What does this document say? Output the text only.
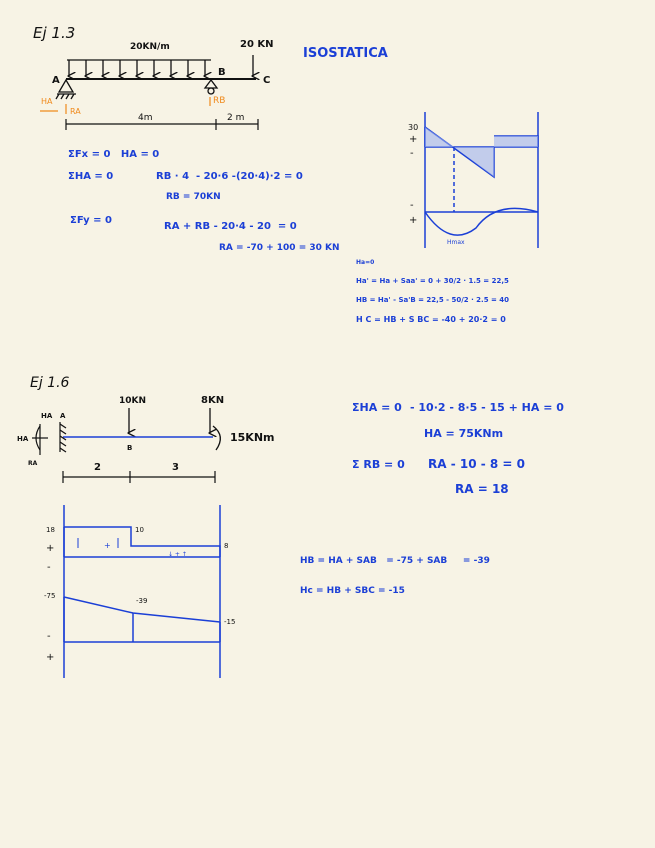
Ej 1.3
20KN/m	20 KN
A
B
C
HA
RA
RB
4m	2 m
ISOSTATICA
ΣFx = 0   HA = 0
ΣHA = 0	RB · 4  - 20·6 -(20·4)·2 = 0
RB = 70KN
ΣFy = 0
RA + RB - 20·4 - 20  = 0
RA = -70 + 100 = 30 KN
30
+
-
-
+
Hmax
Ha=0
Ha' = Ha + Saa' = 0 + 30/2 · 1.5 = 22,5
HB = Ha' - Sa'B = 22,5 - 50/2 · 2.5 = 40
H C = HB + S BC = -40 + 20·2 = 0
Ej 1.6
10KN	8KN
15KNm
HA A
HA
RA
B
2	3
ΣHA = 0 - 10·2 - 8·5 - 15 + HA = 0
HA = 75KNm
Σ RB = 0 RA - 10 - 8 = 0
RA = 18
+
↓ + ↑
18	10
8
+
-
-75
-39
-15
-
+
HB = HA + SAB   = -75 + SAB     = -39
Hc = HB + SBC = -15
